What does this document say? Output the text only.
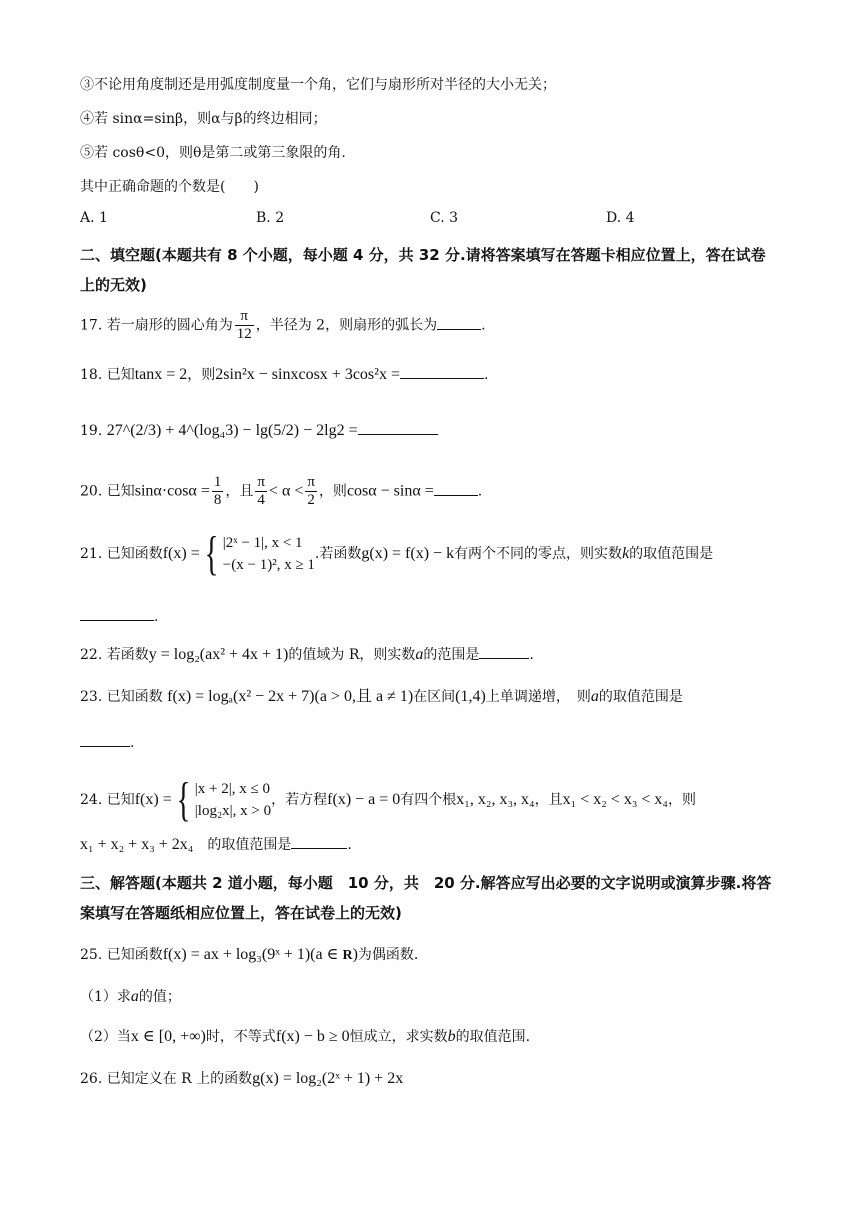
③不论用角度制还是用弧度制度量一个角，它们与扇形所对半径的大小无关；
④若 sinα=sinβ，则α与β的终边相同；
⑤若 cosθ<0，则θ是第二或第三象限的角.
其中正确命题的个数是(　　)
A. 1	B. 2	C. 3	D. 4
二、填空题(本题共有 8 个小题，每小题 4 分，共 32 分.请将答案填写在答题卡相应位置上，答在试卷上的无效)
17. 若一扇形的圆心角为 $\frac{\pi}{12}$ ，半径为 2，则扇形的弧长为	.
18. 已知tanx = 2，则2sin²x − sinxcosx + 3cos²x =	.
19. 27^(2/3) + 4^(log₄3) − lg(5/2) − 2lg2 =
20. 已知$\sin\alpha\cdot\cos\alpha = \frac{1}{8}$ ，且 $\frac{\pi}{4} < \alpha < \frac{\pi}{2}$ ，则cosα − sinα =	.
21. 已知函数f(x) ={ |2ˣ − 1|, x < 1
−(x − 1)², x ≥ 1
.若函数g(x) = f(x) − k有两个不同的零点，则实数k的取值范围是
.
22. 若函数y = log₂(ax² + 4x + 1)的值域为 R，则实数a的范围是	.
23. 已知函数 f(x) = logₐ(x² − 2x + 7)(a > 0,且 a ≠ 1)在区间(1,4)上单调递增，　则a的取值范围是
.
24. 已知f(x) ={ |x + 2|, x ≤ 0
|log₂x|, x > 0
，若方程f(x) − a = 0有四个根x₁, x₂, x₃, x₄，且x₁ < x₂ < x₃ < x₄，则
x₁ + x₂ + x₃ + 2x₄　 的取值范围是	.
三、解答题(本题共 2 道小题，每小题　10 分，共　20 分.解答应写出必要的文字说明或演算步骤.将答案填写在答题纸相应位置上，答在试卷上的无效)
25. 已知函数f(x) = ax + log₃(9ˣ + 1)(a ∈ R)为偶函数.
（1）求a的值；
（2）当x ∈ [0, +∞)时，不等式f(x) − b ≥ 0恒成立，求实数b的取值范围.
26. 已知定义在 R 上的函数g(x) = log₂(2ˣ + 1) + 2x
